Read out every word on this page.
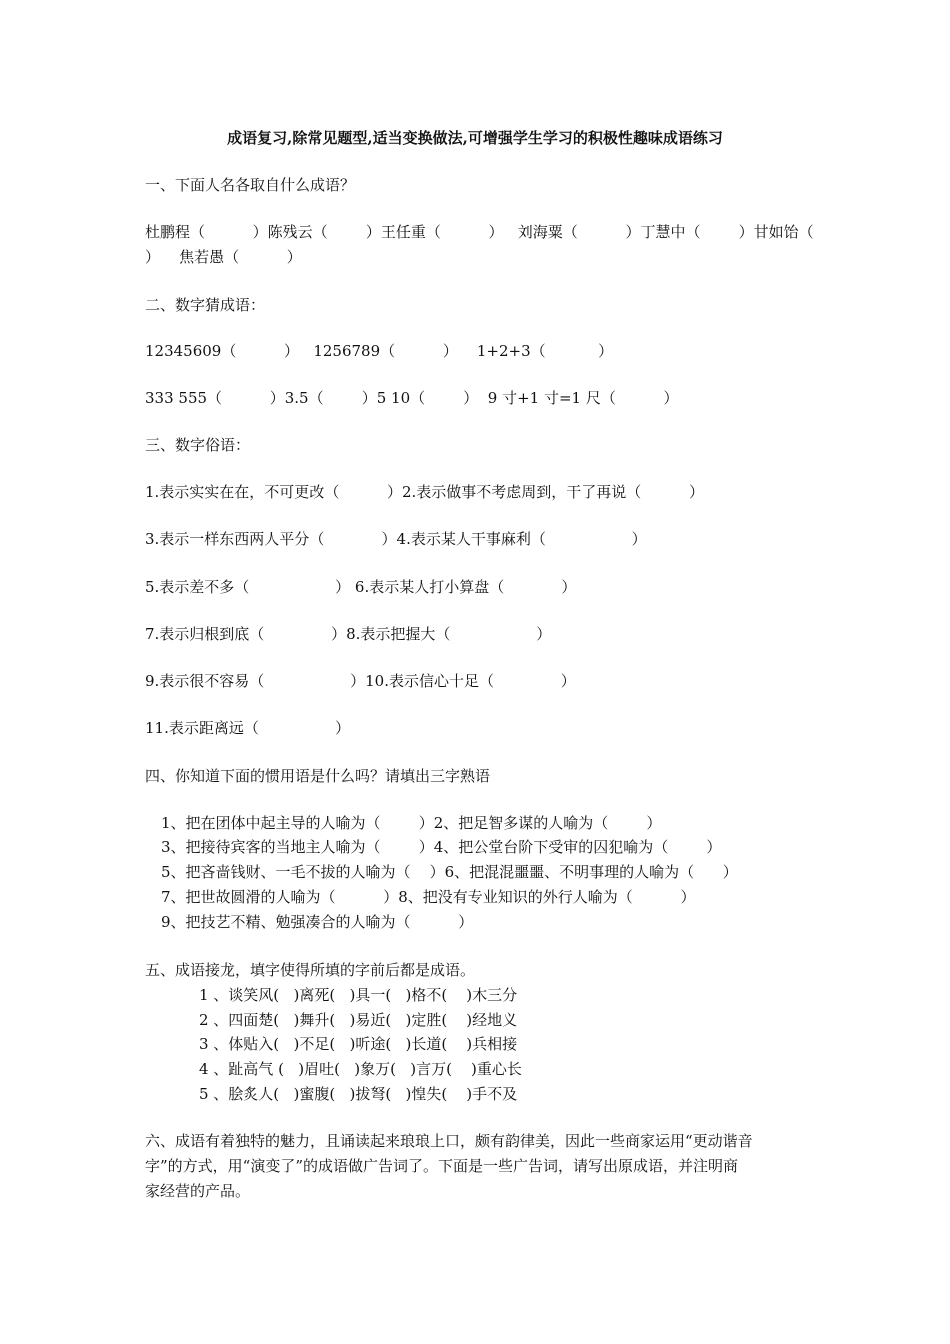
成语复习,除常见题型,适当变换做法,可增强学生学习的积极性趣味成语练习
一、下面人名各取自什么成语？
杜鹏程（          ）陈残云（        ）王任重（          ）   刘海粟（          ）丁慧中（        ）甘如饴（
）    焦若愚（          ）
二、数字猜成语：
12345609（          ）   1256789（          ）    1+2+3（           ）
333 555（          ）3.5（        ）5 10（        ）  9 寸+1 寸=1 尺（          ）
三、数字俗语：
1.表示实实在在，不可更改（          ）2.表示做事不考虑周到，干了再说（          ）
3.表示一样东西两人平分（            ）4.表示某人干事麻利（                  ）
5.表示差不多（                  ） 6.表示某人打小算盘（            ）
7.表示归根到底（              ）8.表示把握大（                  ）
9.表示很不容易（                  ）10.表示信心十足（              ）
11.表示距离远（                ）
四、你知道下面的惯用语是什么吗？请填出三字熟语
1、把在团体中起主导的人喻为（        ）2、把足智多谋的人喻为（        ）
3、把接待宾客的当地主人喻为（        ）4、把公堂台阶下受审的囚犯喻为（        ）
5、把吝啬钱财、一毛不拔的人喻为（    ）6、把混混噩噩、不明事理的人喻为（      ）
7、把世故圆滑的人喻为（          ）8、把没有专业知识的外行人喻为（          ）
9、把技艺不精、勉强凑合的人喻为（          ）
五、成语接龙，填字使得所填的字前后都是成语。
1 、谈笑风(   )离死(   )具一(   )格不(    )木三分
2 、四面楚(   )舞升(   )易近(   )定胜(    )经地义
3 、体贴入(   )不足(   )听途(   )长道(    )兵相接
4 、趾高气 (   )眉吐(   )象万(   )言万(    )重心长
5 、脍炙人(   )蜜腹(   )拔弩(   )惶失(    )手不及
六、成语有着独特的魅力，且诵读起来琅琅上口，颇有韵律美，因此一些商家运用“更动谐音
字”的方式，用“演变了”的成语做广告词了。下面是一些广告词，请写出原成语，并注明商
家经营的产品。
